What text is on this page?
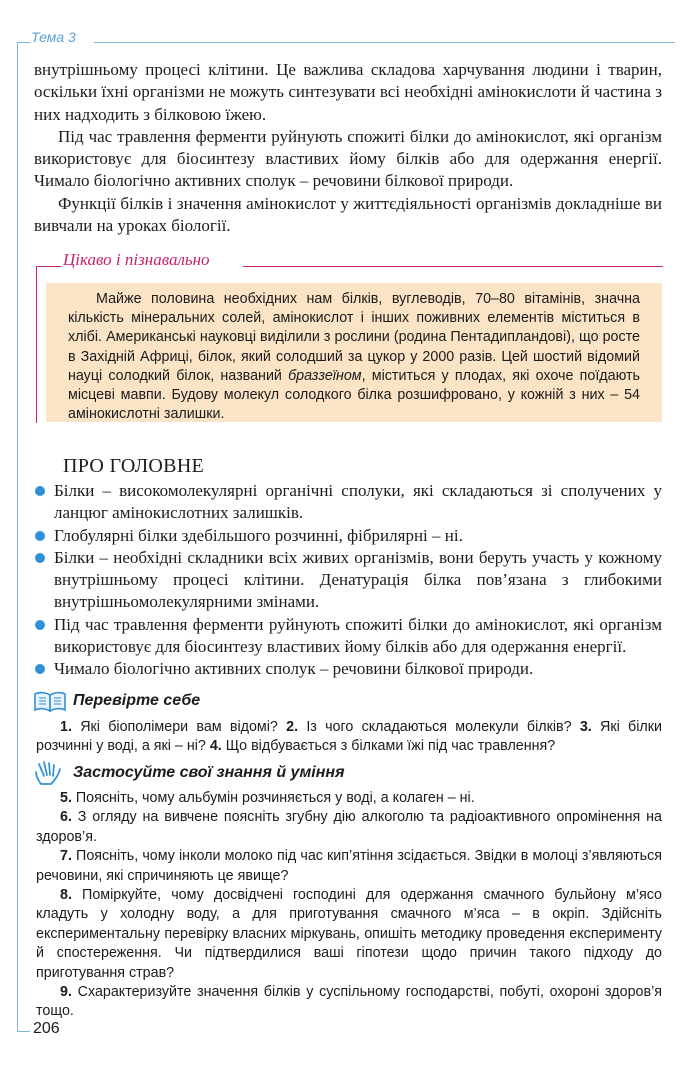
Тема 3

внутрішньому процесі клітини. Це важлива складова харчування людини і тварин, оскільки їхні організми не можуть синтезувати всі необхідні амінокислоти й частина з них надходить з білковою їжею.

Під час травлення ферменти руйнують спожиті білки до амінокислот, які організм використовує для біосинтезу властивих йому білків або для одержання енергії. Чимало біологічно активних сполук – речовини білкової природи.

Функції білків і значення амінокислот у життєдіяльності організмів докладніше ви вивчали на уроках біології.

Цікаво і пізнавально

Майже половина необхідних нам білків, вуглеводів, 70–80 вітамінів, значна кількість мінеральних солей, амінокислот і інших поживних елементів міститься в хлібі. Американські науковці виділили з рослини (родина Пентадипландові), що росте в Західній Африці, білок, який солодший за цукор у 2000 разів. Цей шостий відомий науці солодкий білок, названий браззеїном, міститься у плодах, які охоче поїдають місцеві мавпи. Будову молекул солодкого білка розшифровано, у кожній з них – 54 амінокислотні залишки.

ПРО ГОЛОВНЕ
Білки – високомолекулярні органічні сполуки, які складаються зі сполучених у ланцюг амінокислотних залишків.
Глобулярні білки здебільшого розчинні, фібрилярні – ні.
Білки – необхідні складники всіх живих організмів, вони беруть участь у кожному внутрішньому процесі клітини. Денатурація білка пов’язана з глибокими внутрішньомолекулярними змінами.
Під час травлення ферменти руйнують спожиті білки до амінокислот, які організм використовує для біосинтезу властивих йому білків або для одержання енергії.
Чимало біологічно активних сполук – речовини білкової природи.
Перевірте себе

1. Які біополімери вам відомі? 2. Із чого складаються молекули білків? 3. Які білки розчинні у воді, а які – ні? 4. Що відбувається з білками їжі під час травлення?

Застосуйте свої знання й уміння

5. Поясніть, чому альбумін розчиняється у воді, а колаген – ні.

6. З огляду на вивчене поясніть згубну дію алкоголю та радіоактивного опромінення на здоров’я.

7. Поясніть, чому інколи молоко під час кип’ятіння зсідається. Звідки в молоці з’являються речовини, які спричиняють це явище?

8. Поміркуйте, чому досвідчені господині для одержання смачного бульйону м’ясо кладуть у холодну воду, а для приготування смачного м’яса – в окріп. Здійсніть експериментальну перевірку власних міркувань, опишіть методику проведення експерименту й спостереження. Чи підтвердилися ваші гіпотези щодо причин такого підходу до приготування страв?

9. Схарактеризуйте значення білків у суспільному господарстві, побуті, охороні здоров’я тощо.

206
